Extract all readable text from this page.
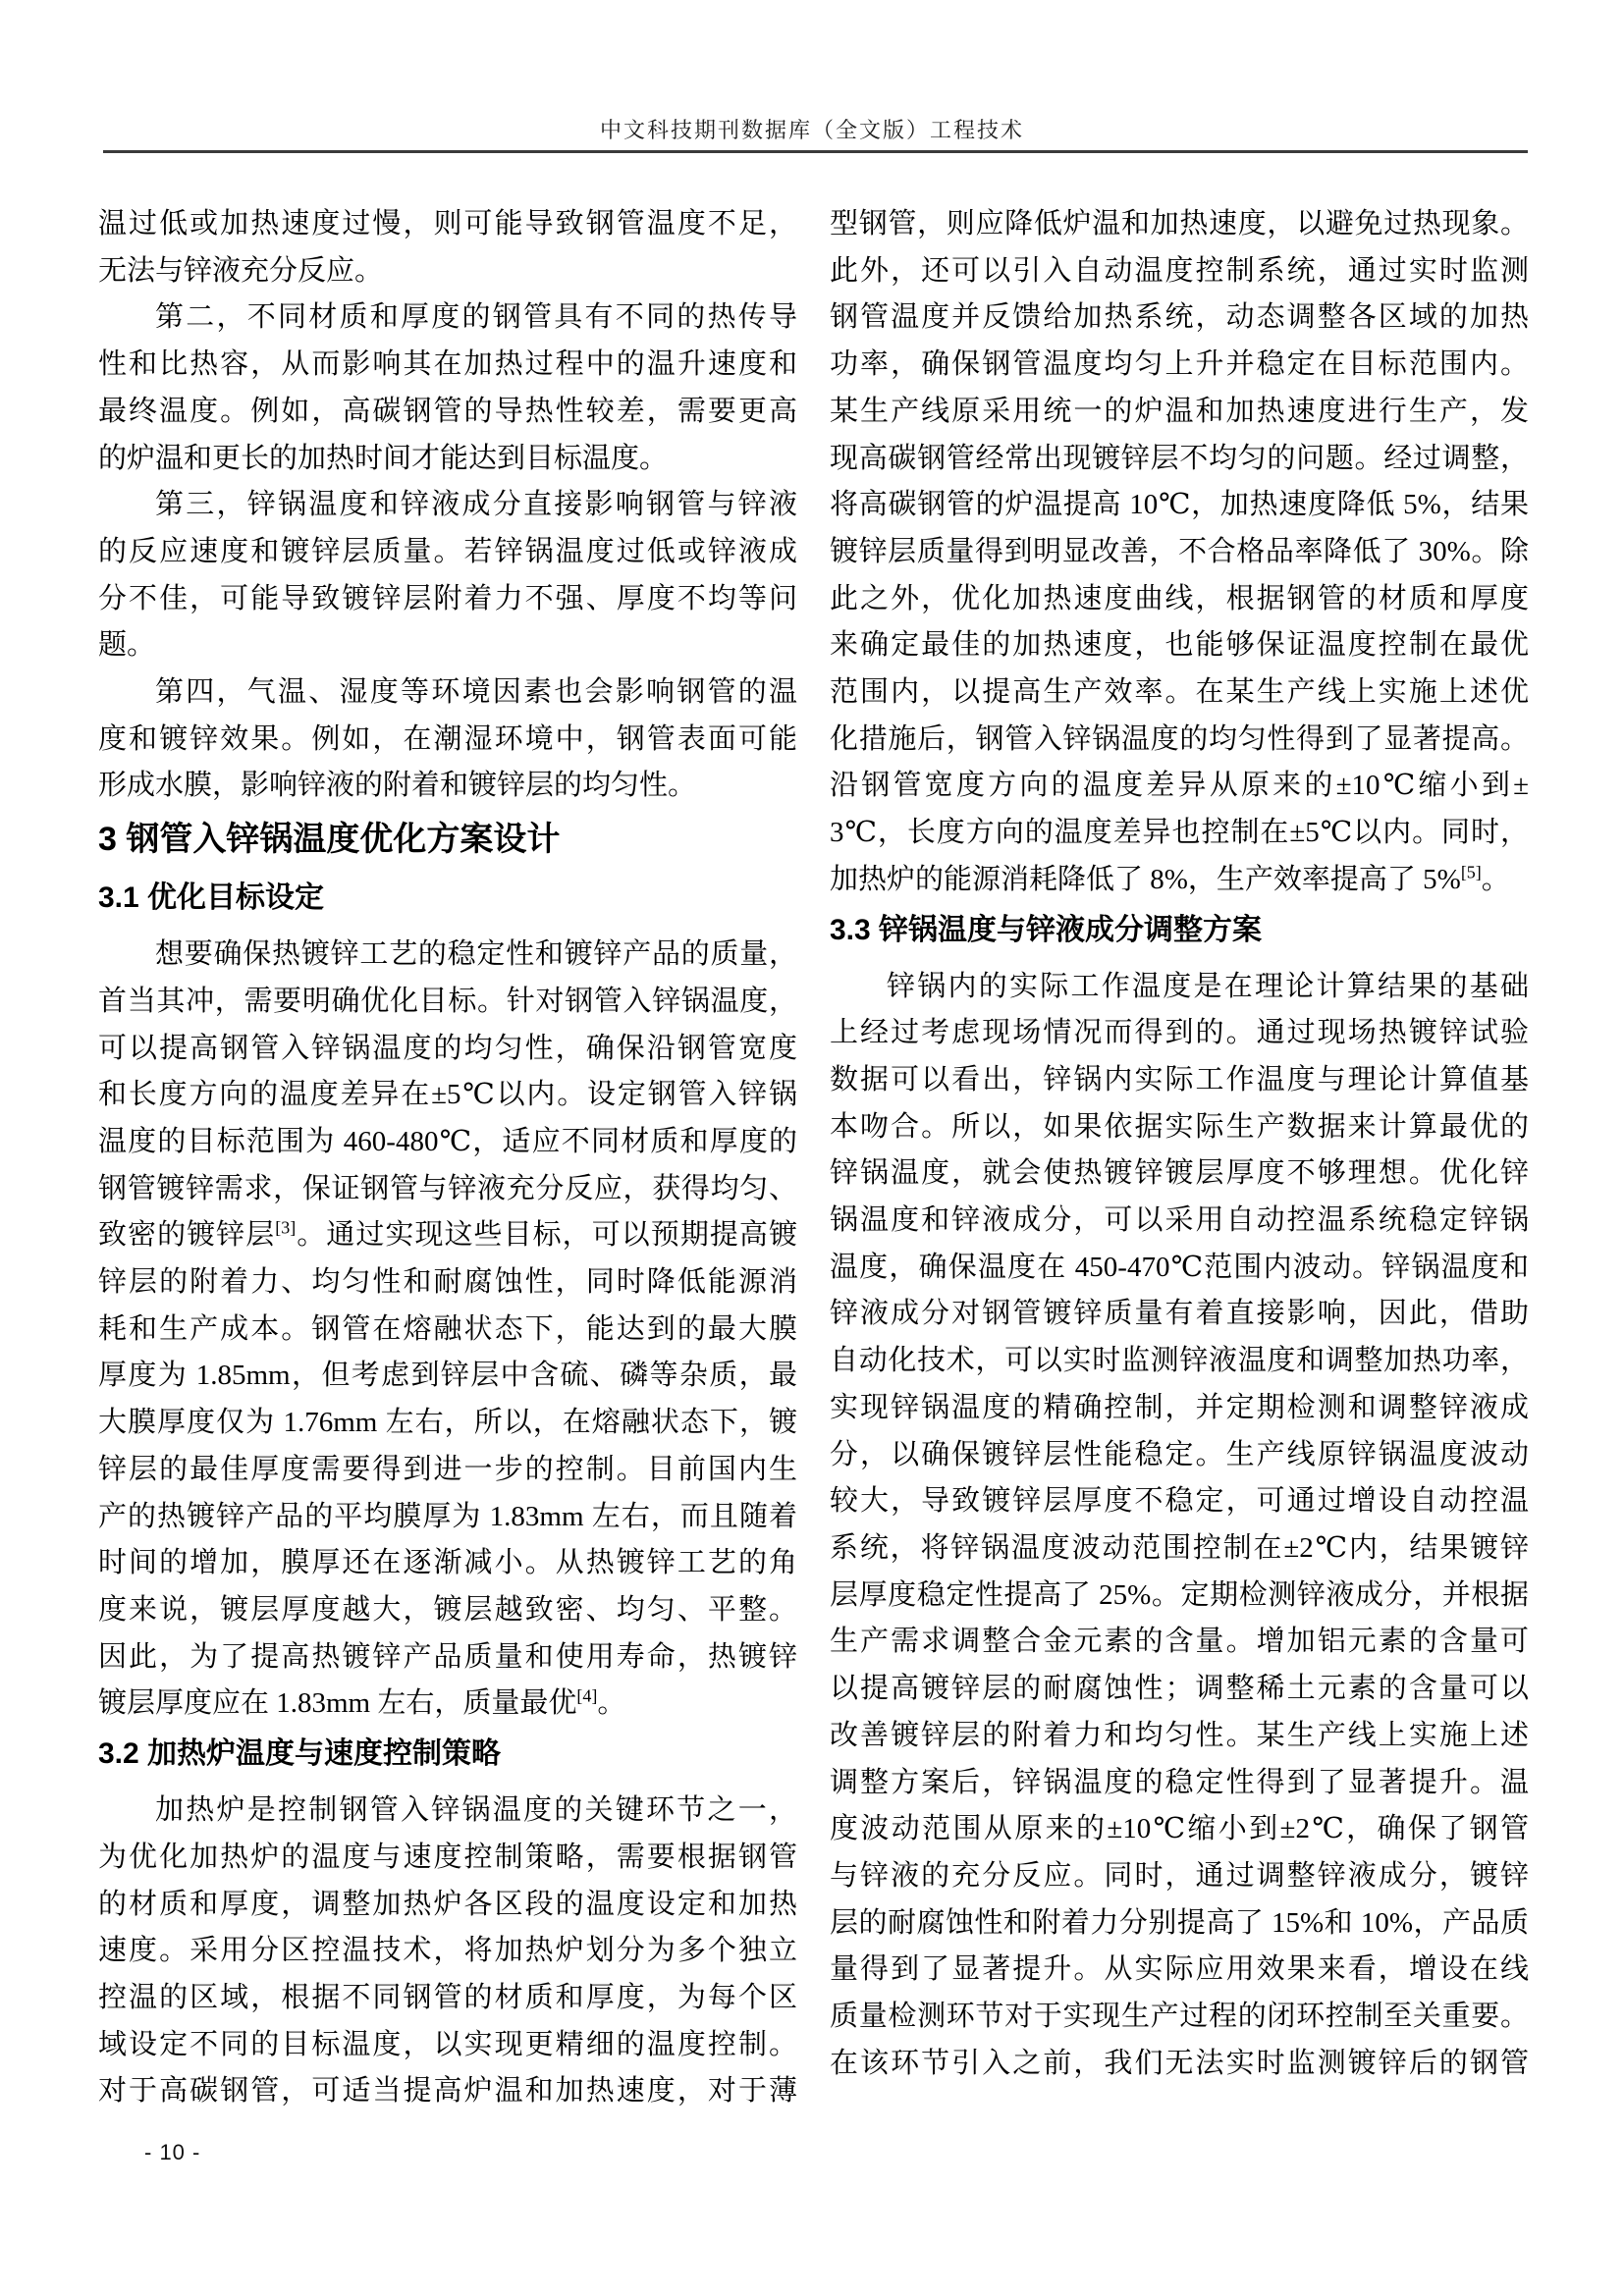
中文科技期刊数据库（全文版）工程技术
温过低或加热速度过慢，则可能导致钢管温度不足，
无法与锌液充分反应。
第二，不同材质和厚度的钢管具有不同的热传导
性和比热容，从而影响其在加热过程中的温升速度和
最终温度。例如，高碳钢管的导热性较差，需要更高
的炉温和更长的加热时间才能达到目标温度。
第三，锌锅温度和锌液成分直接影响钢管与锌液
的反应速度和镀锌层质量。若锌锅温度过低或锌液成
分不佳，可能导致镀锌层附着力不强、厚度不均等问
题。
第四，气温、湿度等环境因素也会影响钢管的温
度和镀锌效果。例如，在潮湿环境中，钢管表面可能
形成水膜，影响锌液的附着和镀锌层的均匀性。
3 钢管入锌锅温度优化方案设计
3.1 优化目标设定
想要确保热镀锌工艺的稳定性和镀锌产品的质量，
首当其冲，需要明确优化目标。针对钢管入锌锅温度，
可以提高钢管入锌锅温度的均匀性，确保沿钢管宽度
和长度方向的温度差异在±5℃以内。设定钢管入锌锅
温度的目标范围为 460-480℃，适应不同材质和厚度的
钢管镀锌需求，保证钢管与锌液充分反应，获得均匀、
致密的镀锌层[3]。通过实现这些目标，可以预期提高镀
锌层的附着力、均匀性和耐腐蚀性，同时降低能源消
耗和生产成本。钢管在熔融状态下，能达到的最大膜
厚度为 1.85mm，但考虑到锌层中含硫、磷等杂质，最
大膜厚度仅为 1.76mm 左右，所以，在熔融状态下，镀
锌层的最佳厚度需要得到进一步的控制。目前国内生
产的热镀锌产品的平均膜厚为 1.83mm 左右，而且随着
时间的增加，膜厚还在逐渐减小。从热镀锌工艺的角
度来说，镀层厚度越大，镀层越致密、均匀、平整。
因此，为了提高热镀锌产品质量和使用寿命，热镀锌
镀层厚度应在 1.83mm 左右，质量最优[4]。
3.2 加热炉温度与速度控制策略
加热炉是控制钢管入锌锅温度的关键环节之一，
为优化加热炉的温度与速度控制策略，需要根据钢管
的材质和厚度，调整加热炉各区段的温度设定和加热
速度。采用分区控温技术，将加热炉划分为多个独立
控温的区域，根据不同钢管的材质和厚度，为每个区
域设定不同的目标温度，以实现更精细的温度控制。
对于高碳钢管，可适当提高炉温和加热速度，对于薄
型钢管，则应降低炉温和加热速度，以避免过热现象。
此外，还可以引入自动温度控制系统，通过实时监测
钢管温度并反馈给加热系统，动态调整各区域的加热
功率，确保钢管温度均匀上升并稳定在目标范围内。
某生产线原采用统一的炉温和加热速度进行生产，发
现高碳钢管经常出现镀锌层不均匀的问题。经过调整，
将高碳钢管的炉温提高 10℃，加热速度降低 5%，结果
镀锌层质量得到明显改善，不合格品率降低了 30%。除
此之外，优化加热速度曲线，根据钢管的材质和厚度
来确定最佳的加热速度，也能够保证温度控制在最优
范围内，以提高生产效率。在某生产线上实施上述优
化措施后，钢管入锌锅温度的均匀性得到了显著提高。
沿钢管宽度方向的温度差异从原来的±10℃缩小到±
3℃，长度方向的温度差异也控制在±5℃以内。同时，
加热炉的能源消耗降低了 8%，生产效率提高了 5%[5]。
3.3 锌锅温度与锌液成分调整方案
锌锅内的实际工作温度是在理论计算结果的基础
上经过考虑现场情况而得到的。通过现场热镀锌试验
数据可以看出，锌锅内实际工作温度与理论计算值基
本吻合。所以，如果依据实际生产数据来计算最优的
锌锅温度，就会使热镀锌镀层厚度不够理想。优化锌
锅温度和锌液成分，可以采用自动控温系统稳定锌锅
温度，确保温度在 450-470℃范围内波动。锌锅温度和
锌液成分对钢管镀锌质量有着直接影响，因此，借助
自动化技术，可以实时监测锌液温度和调整加热功率，
实现锌锅温度的精确控制，并定期检测和调整锌液成
分，以确保镀锌层性能稳定。生产线原锌锅温度波动
较大，导致镀锌层厚度不稳定，可通过增设自动控温
系统，将锌锅温度波动范围控制在±2℃内，结果镀锌
层厚度稳定性提高了 25%。定期检测锌液成分，并根据
生产需求调整合金元素的含量。增加铝元素的含量可
以提高镀锌层的耐腐蚀性；调整稀土元素的含量可以
改善镀锌层的附着力和均匀性。某生产线上实施上述
调整方案后，锌锅温度的稳定性得到了显著提升。温
度波动范围从原来的±10℃缩小到±2℃，确保了钢管
与锌液的充分反应。同时，通过调整锌液成分，镀锌
层的耐腐蚀性和附着力分别提高了 15%和 10%，产品质
量得到了显著提升。从实际应用效果来看，增设在线
质量检测环节对于实现生产过程的闭环控制至关重要。
在该环节引入之前，我们无法实时监测镀锌后的钢管
- 10 -
